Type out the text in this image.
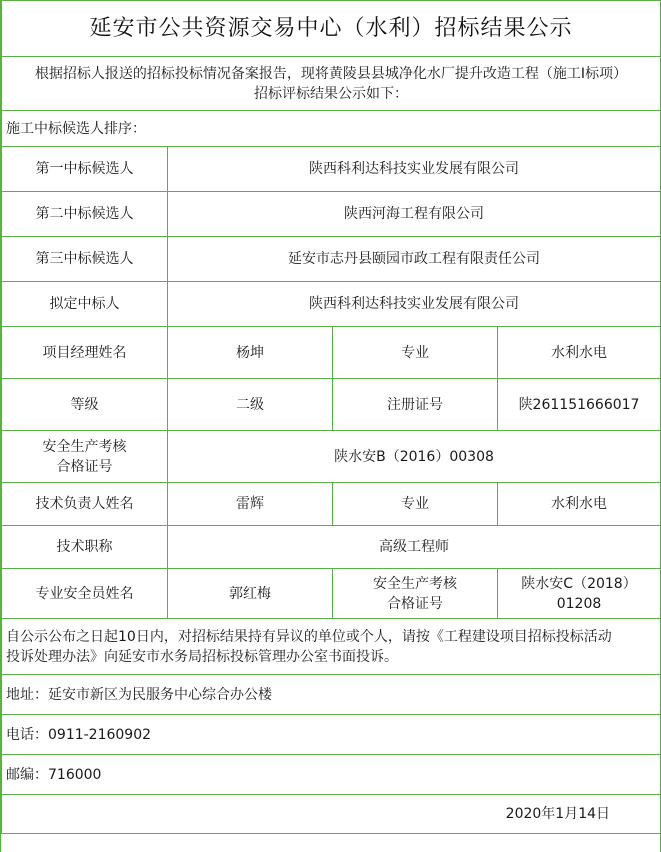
延安市公共资源交易中心（水利）招标结果公示			
根据招标人报送的招标投标情况备案报告，现将黄陵县县城净化水厂提升改造工程（施工Ⅰ标项）
招标评标结果公示如下：			
施工中标候选人排序：			
第一中标候选人	陕西科利达科技实业发展有限公司		
第二中标候选人	陕西河海工程有限公司		
第三中标候选人	延安市志丹县颐园市政工程有限责任公司		
拟定中标人	陕西科利达科技实业发展有限公司		
项目经理姓名	杨坤	专业	水利水电
等级	二级	注册证号	陕261151666017
安全生产考核
合格证号	陕水安B（2016）00308		
技术负责人姓名	雷辉	专业	水利水电
技术职称	高级工程师		
专业安全员姓名	郭红梅	安全生产考核
合格证号	陕水安C（2018）
01208
自公示公布之日起10日内，对招标结果持有异议的单位或个人，请按《工程建设项目招标投标活动
投诉处理办法》向延安市水务局招标投标管理办公室书面投诉。			
地址：延安市新区为民服务中心综合办公楼			
电话：0911-2160902			
邮编：716000			
2020年1月14日			
